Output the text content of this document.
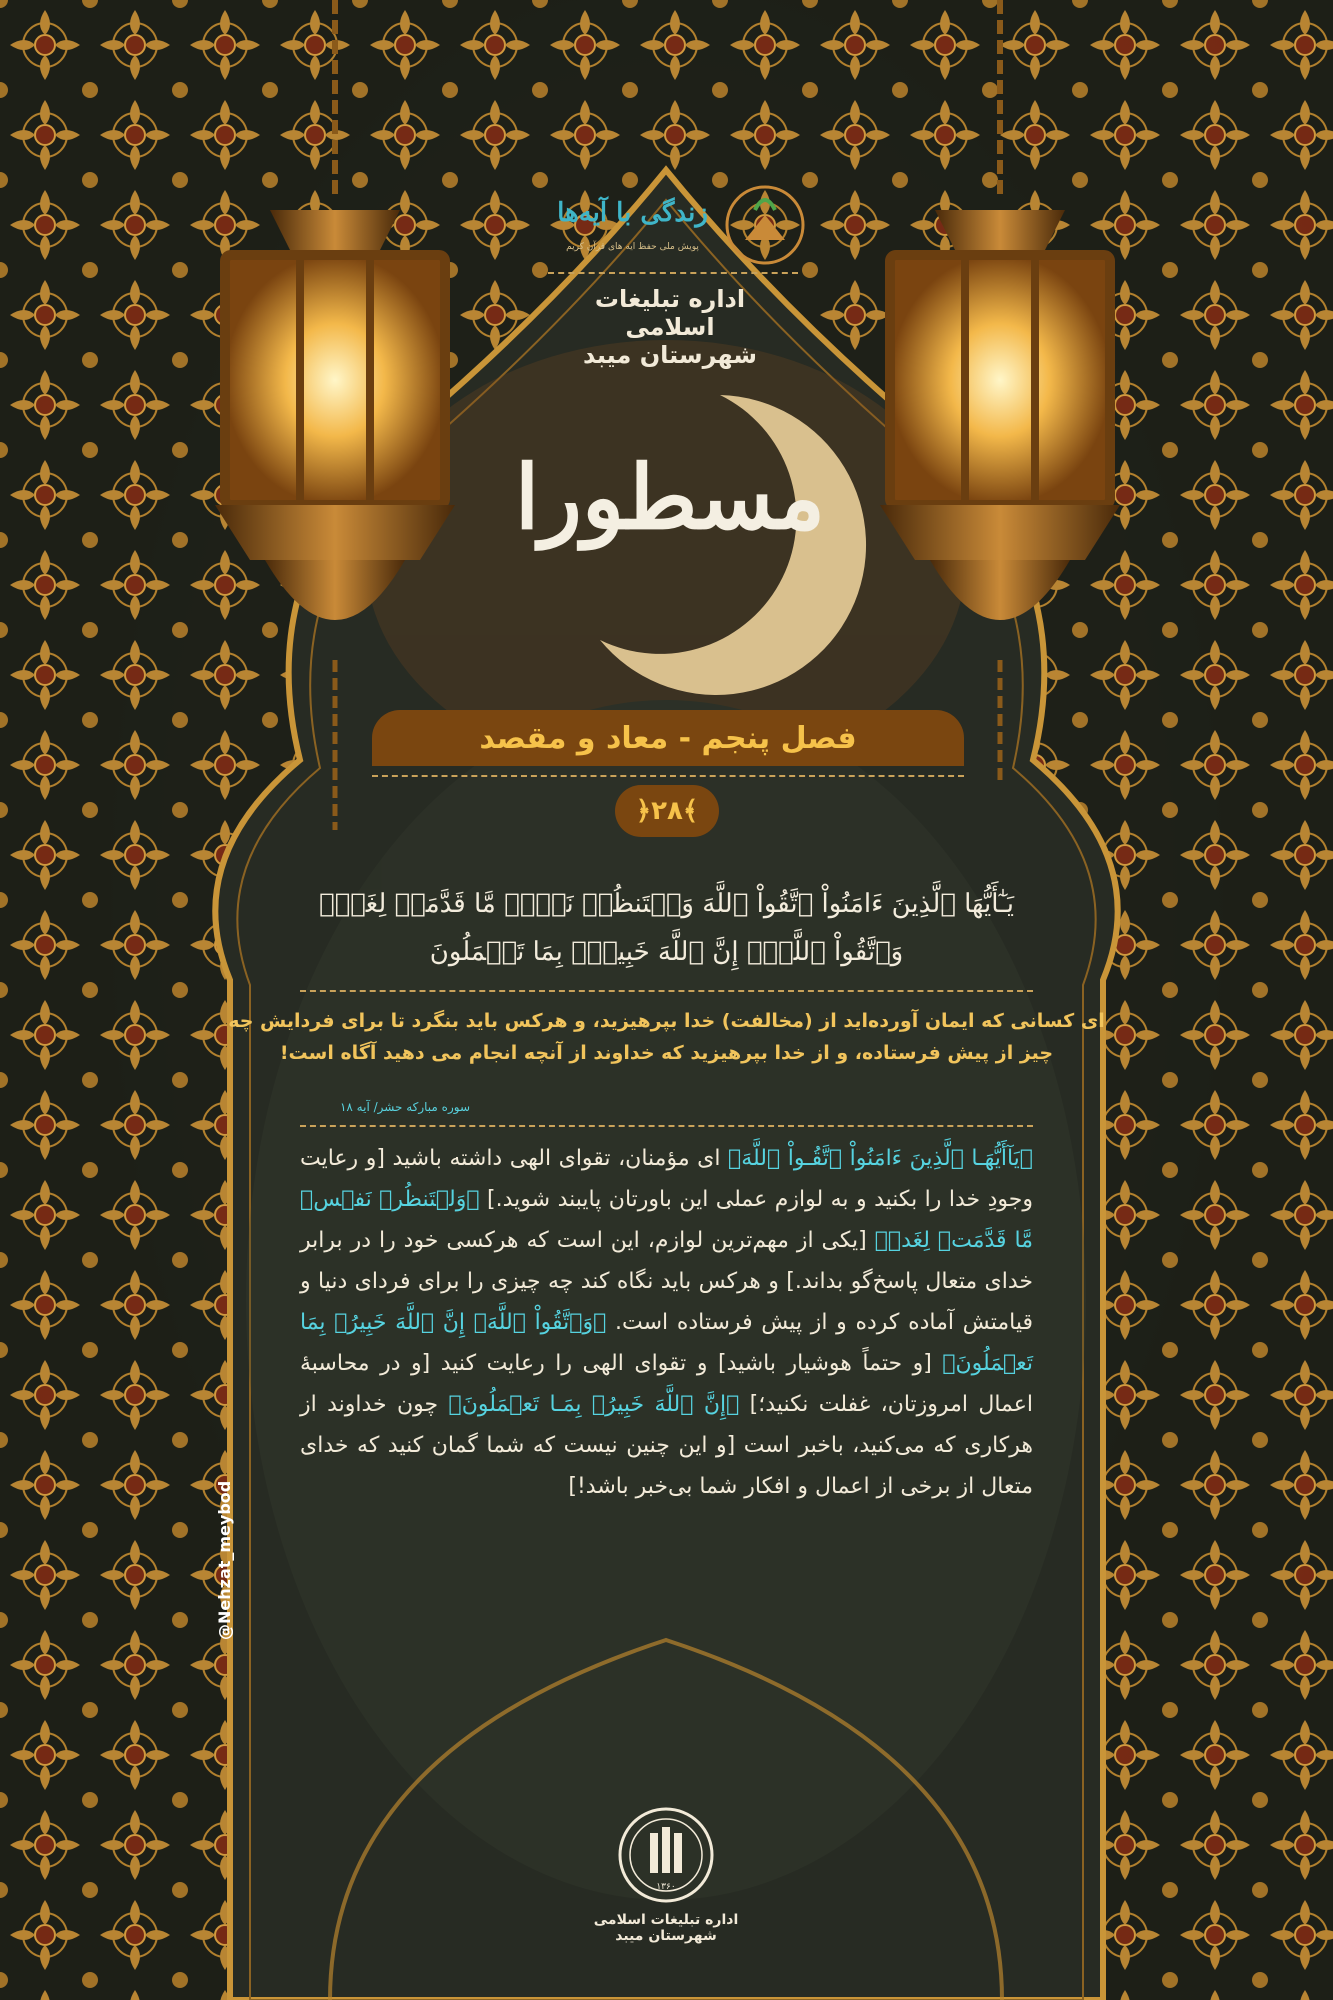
زندگی با آیه‌ها
پویش ملی حفظ ایه های قرآن کریم
اداره تبلیغات اسلامی
شهرستان میبد
مسطورا
فصل پنجم - معاد و مقصد
﴿۲۸﴾
يَـٰٓأَيُّهَا ٱلَّذِينَ ءَامَنُواْ ٱتَّقُواْ ٱللَّهَ وَلۡتَنظُرۡ نَفۡسٞ مَّا قَدَّمَتۡ لِغَدٖۖ
وَٱتَّقُواْ ٱللَّهَۚ إِنَّ ٱللَّهَ خَبِيرُۢ بِمَا تَعۡمَلُونَ
ای کسانی که ایمان آورده‌اید از (مخالفت) خدا بپرهیزید، و هرکس باید بنگرد تا برای فردایش چه
چیز از پیش فرستاده، و از خدا بپرهیزید که خداوند از آنچه انجام می دهید آگاه است!
سوره مبارکه حشر/ آیه ۱۸
﴿یَآأَیُّهَـا ٱلَّذِینَ ءَامَنُواْ ٱتَّقُـواْ ٱللَّهَ﴾ ای مؤمنان، تقوای الهی داشته باشید [و رعایت وجودِ خدا را بکنید و به لوازم عملی این باورتان پایبند شوید.] ﴿وَلۡتَنظُرۡ نَفۡسٞ مَّا قَدَّمَتۡ لِغَدٖ﴾ [یکی از مهم‌ترین لوازم، این است که هرکسی خود را در برابر خدای متعال پاسخ‌گو بداند.] و هرکس باید نگاه کند چه چیزی را برای فردای دنیا و قیامتش آماده کرده و از پیش فرستاده است. ﴿وَٱتَّقُواْ ٱللَّهَۚ إِنَّ ٱللَّهَ خَبِیرُۢ بِمَا تَعۡمَلُونَ﴾ [و حتماً هوشیار باشید] و تقوای الهی را رعایت کنید [و در محاسبۀ اعمال امروزتان، غفلت نکنید؛] ﴿إِنَّ ٱللَّهَ خَبِیرُۢ بِمَـا تَعۡمَلُونَ﴾ چون خداوند از هرکاری که می‌کنید، باخبر است [و این چنین نیست که شما گمان کنید که خدای متعال از برخی از اعمال و افکار شما بی‌خبر باشد!]
@Nehzat_meybod
۱۳۶۰
اداره تبلیغات اسلامی
شهرستان میبد
